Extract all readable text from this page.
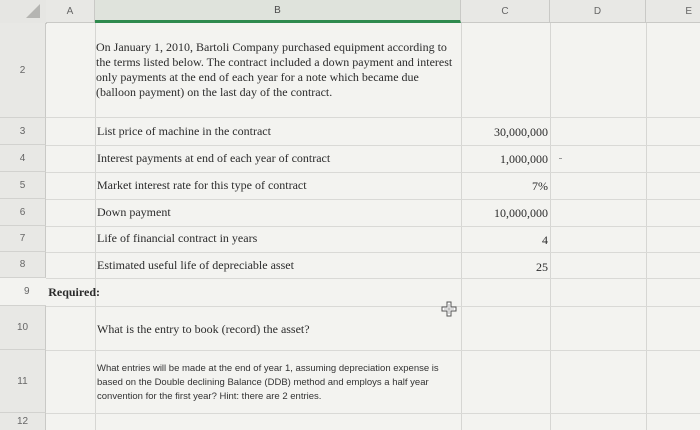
A	B	C	D	E
2
3
4
5
6
7
8
9
10
11
12
On January 1, 2010, Bartoli Company purchased equipment according to the terms listed below. The contract included a down payment and interest only payments at the end of each year for a note which became due (balloon payment) on the last day of the contract.
List price of machine in the contract	30,000,000
Interest payments at end of each year of contract	1,000,000
Market interest rate for this type of contract	7%
Down payment	10,000,000
Life of financial contract in years	4
Estimated useful life of depreciable asset	25
Required:
What is the entry to book (record) the asset?
What entries will be made at the end of year 1, assuming depreciation expense is based on the Double declining Balance (DDB) method and employs a half year convention for the first year? Hint: there are 2 entries.
